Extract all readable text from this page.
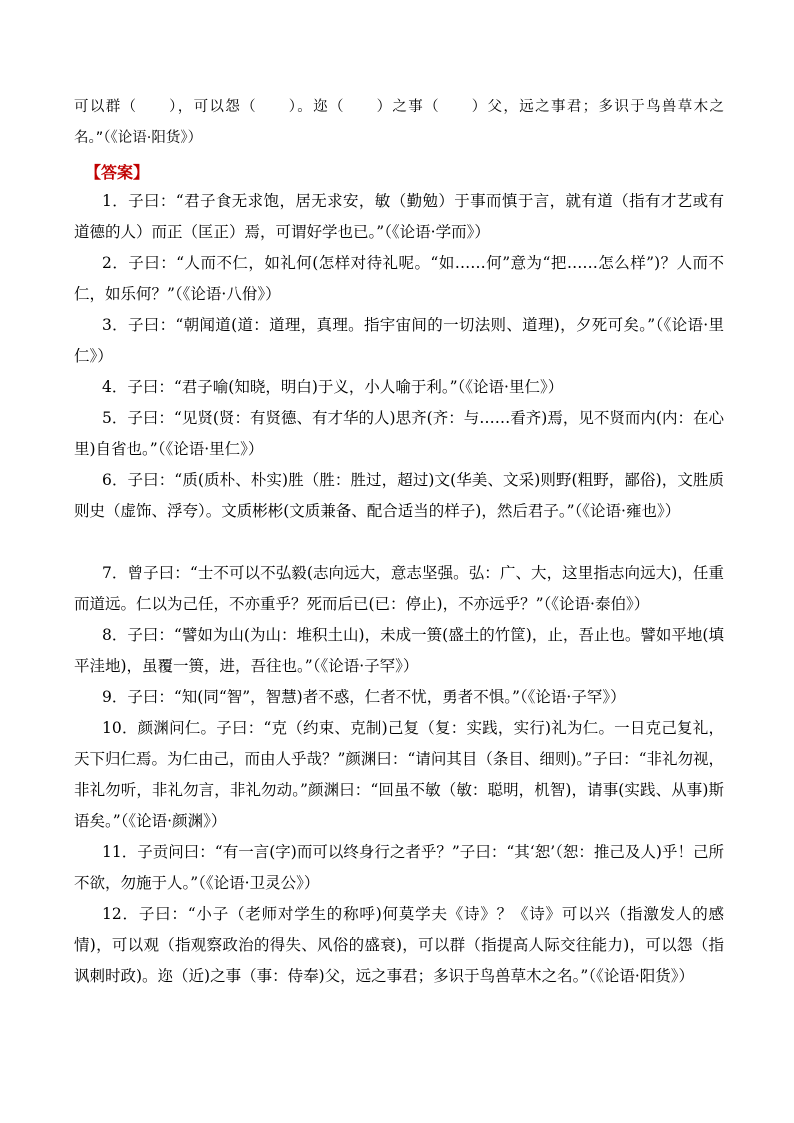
可以群（　　），可以怨（　　）。迩（　　）之事（　　）父，远之事君；多识于鸟兽草木之名。”（《论语·阳货》）

【答案】

1．子曰：“君子食无求饱，居无求安，敏（勤勉）于事而慎于言，就有道（指有才艺或有道德的人）而正（匡正）焉，可谓好学也已。”（《论语·学而》）

2．子曰：“人而不仁，如礼何(怎样对待礼呢。“如……何”意为“把……怎么样”)？人而不仁，如乐何？”（《论语·八佾》）

3．子曰：“朝闻道(道：道理，真理。指宇宙间的一切法则、道理)，夕死可矣。”（《论语·里仁》）

4．子曰：“君子喻(知晓，明白)于义，小人喻于利。”（《论语·里仁》）

5．子曰：“见贤(贤：有贤德、有才华的人)思齐(齐：与……看齐)焉，见不贤而内(内：在心里)自省也。”（《论语·里仁》）

6．子曰：“质(质朴、朴实)胜（胜：胜过，超过)文(华美、文采)则野(粗野，鄙俗)，文胜质则史（虚饰、浮夸）。文质彬彬(文质兼备、配合适当的样子)，然后君子。”（《论语·雍也》）

7．曾子曰：“士不可以不弘毅(志向远大，意志坚强。弘：广、大，这里指志向远大)，任重而道远。仁以为己任，不亦重乎？死而后已(已：停止)，不亦远乎？”（《论语·泰伯》）

8．子曰：“譬如为山(为山：堆积土山)，未成一篑(盛土的竹筐)，止，吾止也。譬如平地(填平洼地)，虽覆一篑，进，吾往也。”（《论语·子罕》）

9．子曰：“知(同“智”，智慧)者不惑，仁者不忧，勇者不惧。”（《论语·子罕》）

10．颜渊问仁。子曰：“克（约束、克制)己复（复：实践，实行)礼为仁。一日克己复礼，天下归仁焉。为仁由己，而由人乎哉？”颜渊曰：“请问其目（条目、细则)。”子曰：“非礼勿视，非礼勿听，非礼勿言，非礼勿动。”颜渊曰：“回虽不敏（敏：聪明，机智)，请事(实践、从事)斯语矣。”（《论语·颜渊》）

11．子贡问曰：“有一言(字)而可以终身行之者乎？”子曰：“其‘恕’（恕：推己及人)乎！己所不欲，勿施于人。”（《论语·卫灵公》）

12．子曰：“小子（老师对学生的称呼)何莫学夫《诗》？《诗》可以兴（指激发人的感情)，可以观（指观察政治的得失、风俗的盛衰)，可以群（指提高人际交往能力)，可以怨（指讽刺时政)。迩（近)之事（事：侍奉)父，远之事君；多识于鸟兽草木之名。”（《论语·阳货》）
